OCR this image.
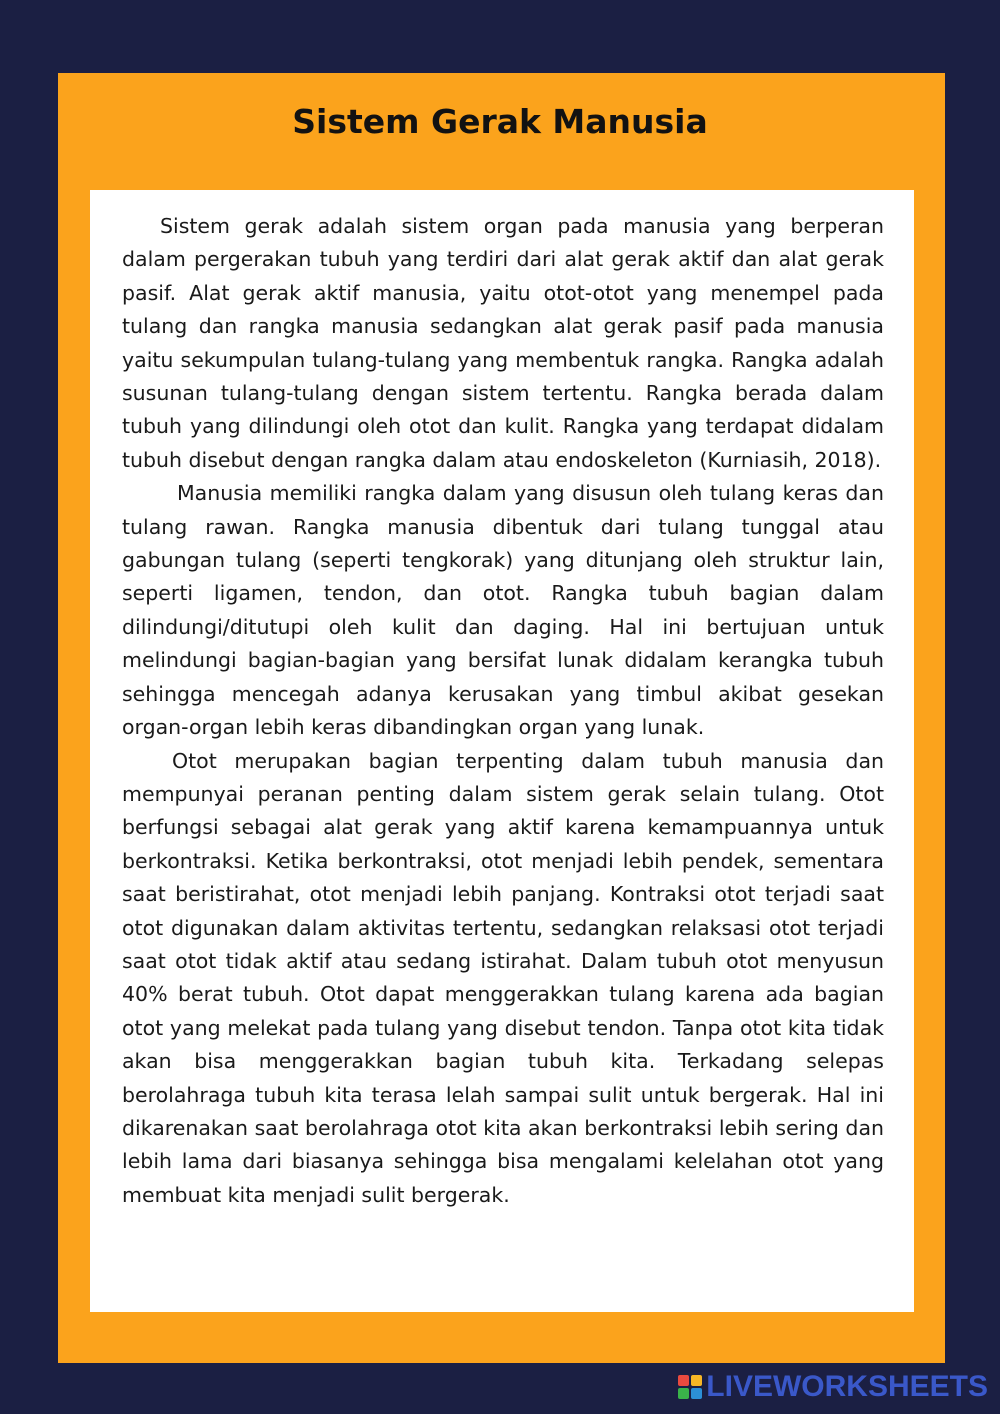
Sistem Gerak Manusia

Sistem gerak adalah sistem organ pada manusia yang berperan dalam pergerakan tubuh yang terdiri dari alat gerak aktif dan alat gerak pasif. Alat gerak aktif manusia, yaitu otot-otot yang menempel pada tulang dan rangka manusia sedangkan alat gerak pasif pada manusia yaitu sekumpulan tulang-tulang yang membentuk rangka. Rangka adalah susunan tulang-tulang dengan sistem tertentu. Rangka berada dalam tubuh yang dilindungi oleh otot dan kulit. Rangka yang terdapat didalam tubuh disebut dengan rangka dalam atau endoskeleton (Kurniasih, 2018).

Manusia memiliki rangka dalam yang disusun oleh tulang keras dan tulang rawan. Rangka manusia dibentuk dari tulang tunggal atau gabungan tulang (seperti tengkorak) yang ditunjang oleh struktur lain, seperti ligamen, tendon, dan otot. Rangka tubuh bagian dalam dilindungi/ditutupi oleh kulit dan daging. Hal ini bertujuan untuk melindungi bagian-bagian yang bersifat lunak didalam kerangka tubuh sehingga mencegah adanya kerusakan yang timbul akibat gesekan organ-organ lebih keras dibandingkan organ yang lunak.

Otot merupakan bagian terpenting dalam tubuh manusia dan mempunyai peranan penting dalam sistem gerak selain tulang. Otot berfungsi sebagai alat gerak yang aktif karena kemampuannya untuk berkontraksi. Ketika berkontraksi, otot menjadi lebih pendek, sementara saat beristirahat, otot menjadi lebih panjang. Kontraksi otot terjadi saat otot digunakan dalam aktivitas tertentu, sedangkan relaksasi otot terjadi saat otot tidak aktif atau sedang istirahat. Dalam tubuh otot menyusun 40% berat tubuh. Otot dapat menggerakkan tulang karena ada bagian otot yang melekat pada tulang yang disebut tendon. Tanpa otot kita tidak akan bisa menggerakkan bagian tubuh kita. Terkadang selepas berolahraga tubuh kita terasa lelah sampai sulit untuk bergerak. Hal ini dikarenakan saat berolahraga otot kita akan berkontraksi lebih sering dan lebih lama dari biasanya sehingga bisa mengalami kelelahan otot yang membuat kita menjadi sulit bergerak.

LIVEWORKSHEETS
